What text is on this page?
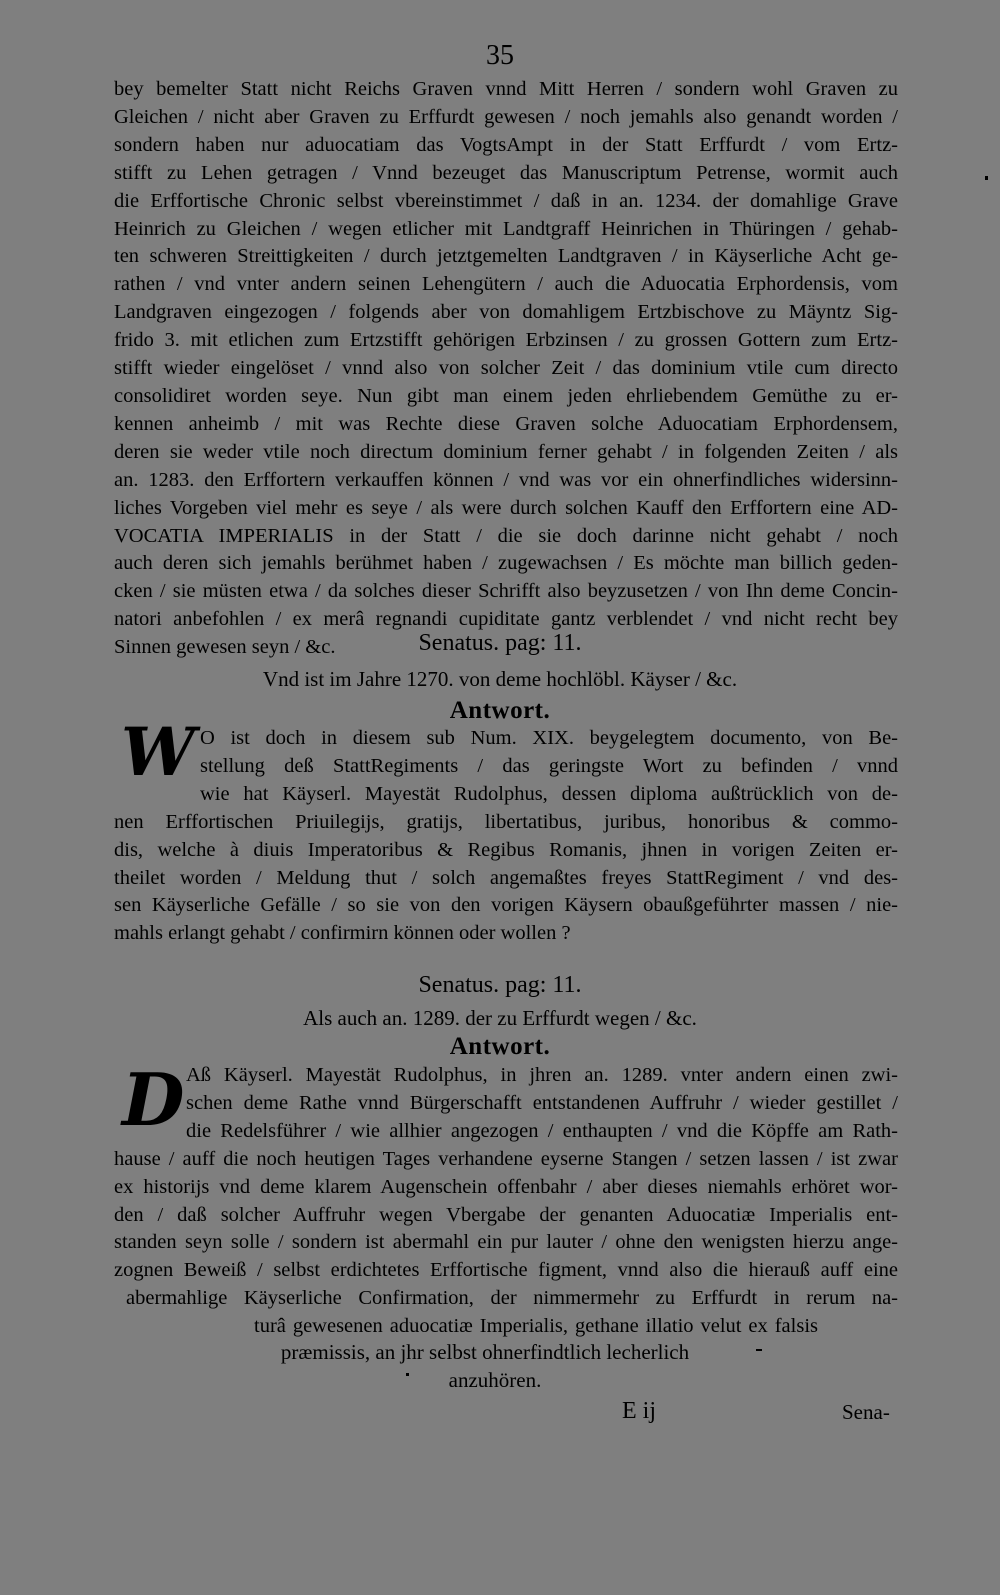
35
bey bemelter Statt nicht Reichs Graven vnnd Mitt Herren / sondern wohl Graven zu
Gleichen / nicht aber Graven zu Erffurdt gewesen / noch jemahls also genandt worden /
sondern haben nur aduocatiam das VogtsAmpt in der Statt Erffurdt / vom Ertz-
stifft zu Lehen getragen / Vnnd bezeuget das Manuscriptum Petrense, wormit auch
die Erffortische Chronic selbst vbereinstimmet / daß in an. 1234. der domahlige Grave
Heinrich zu Gleichen / wegen etlicher mit Landtgraff Heinrichen in Thüringen / gehab-
ten schweren Streittigkeiten / durch jetztgemelten Landtgraven / in Käyserliche Acht ge-
rathen / vnd vnter andern seinen Lehengütern / auch die Aduocatia Erphordensis, vom
Landgraven eingezogen / folgends aber von domahligem Ertzbischove zu Mäyntz Sig-
frido 3. mit etlichen zum Ertzstifft gehörigen Erbzinsen / zu grossen Gottern zum Ertz-
stifft wieder eingelöset / vnnd also von solcher Zeit / das dominium vtile cum directo
consolidiret worden seye. Nun gibt man einem jeden ehrliebendem Gemüthe zu er-
kennen anheimb / mit was Rechte diese Graven solche Aduocatiam Erphordensem,
deren sie weder vtile noch directum dominium ferner gehabt / in folgenden Zeiten / als
an. 1283. den Erffortern verkauffen können / vnd was vor ein ohnerfindliches widersinn-
liches Vorgeben viel mehr es seye / als were durch solchen Kauff den Erffortern eine AD-
VOCATIA IMPERIALIS in der Statt / die sie doch darinne nicht gehabt / noch
auch deren sich jemahls berühmet haben / zugewachsen / Es möchte man billich geden-
cken / sie müsten etwa / da solches dieser Schrifft also beyzusetzen / von Ihn deme Concin-
natori anbefohlen / ex merâ regnandi cupiditate gantz verblendet / vnd nicht recht bey
Sinnen gewesen seyn / &c.	Senatus. pag: 11.
Vnd ist im Jahre 1270. von deme hochlöbl. Käyser / &c.
Antwort.
W O ist doch in diesem sub Num. XIX. beygelegtem documento, von Be-
stellung deß StattRegiments / das geringste Wort zu befinden / vnnd
wie hat Käyserl. Mayestät Rudolphus, dessen diploma außtrücklich von de-
nen Erffortischen Priuilegijs, gratijs, libertatibus, juribus, honoribus & commo-
dis, welche à diuis Imperatoribus & Regibus Romanis, jhnen in vorigen Zeiten er-
theilet worden / Meldung thut / solch angemaßtes freyes StattRegiment / vnd des-
sen Käyserliche Gefälle / so sie von den vorigen Käysern obaußgeführter massen / nie-
mahls erlangt gehabt / confirmirn können oder wollen ?
Senatus. pag: 11.
Als auch an. 1289. der zu Erffurdt wegen / &c.
Antwort.
D Aß Käyserl. Mayestät Rudolphus, in jhren an. 1289. vnter andern einen zwi-
schen deme Rathe vnnd Bürgerschafft entstandenen Auffruhr / wieder gestillet /
die Redelsführer / wie allhier angezogen / enthaupten / vnd die Köpffe am Rath-
hause / auff die noch heutigen Tages verhandene eyserne Stangen / setzen lassen / ist zwar
ex historijs vnd deme klarem Augenschein offenbahr / aber dieses niemahls erhöret wor-
den / daß solcher Auffruhr wegen Vbergabe der genanten Aduocatiæ Imperialis ent-
standen seyn solle / sondern ist abermahl ein pur lauter / ohne den wenigsten hierzu ange-
zognen Beweiß / selbst erdichtetes Erffortische figment, vnnd also die hierauß auff eine
abermahlige Käyserliche Confirmation, der nimmermehr zu Erffurdt in rerum na-
turâ gewesenen aduocatiæ Imperialis, gethane illatio velut ex falsis
præmissis, an jhr selbst ohnerfindtlich lecherlich
anzuhören.
E ij	Sena-
